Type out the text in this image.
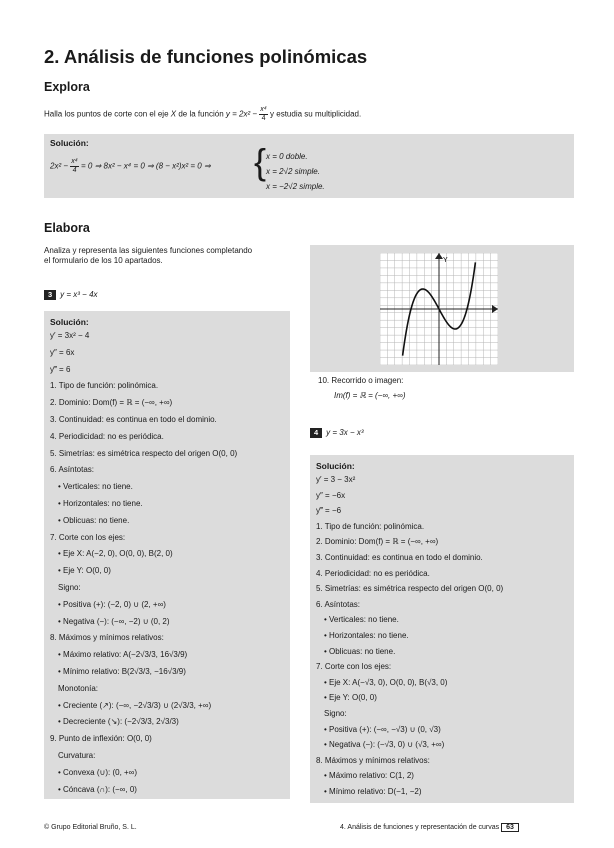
2. Análisis de funciones polinómicas
Explora
Halla los puntos de corte con el eje X de la función $y = 2x^2 - \frac{\text{x⁴}}{4}$ y estudia su multiplicidad.
Solución:
$2x^2 - \frac{\text{x⁴}}{4} = 0$ ⇒ 8x² − x⁴ = 0 ⇒ (8 − x²)x² = 0 ⇒ { x = 0 doble.
x = 2√2 simple.
x = −2√2 simple.
Elabora
Analiza y representa las siguientes funciones completando
el formulario de los 10 apartados.
3 y = x³ − 4x
Solución:
y′ = 3x² − 4
y″ = 6x
y‴ = 6
1. Tipo de función: polinómica.
2. Dominio: Dom(f) = ℝ = (−∞, +∞)
3. Continuidad: es continua en todo el dominio.
4. Periodicidad: no es periódica.
5. Simetrías: es simétrica respecto del origen O(0, 0)
6. Asíntotas:
• Verticales: no tiene.
• Horizontales: no tiene.
• Oblicuas: no tiene.
7. Corte con los ejes:
• Eje X: A(−2, 0), O(0, 0), B(2, 0)
• Eje Y: O(0, 0)
Signo:
• Positiva (+): (−2, 0) ∪ (2, +∞)
• Negativa (−): (−∞, −2) ∪ (0, 2)
8. Máximos y mínimos relativos:
• Máximo relativo: A(−2√3/3, 16√3/9)
• Mínimo relativo: B(2√3/3, −16√3/9)
Monotonía:
• Creciente (↗): (−∞, −2√3/3) ∪ (2√3/3, +∞)
• Decreciente (↘): (−2√3/3, 2√3/3)
9. Punto de inflexión: O(0, 0)
Curvatura:
• Convexa (∪): (0, +∞)
• Cóncava (∩): (−∞, 0)
Y
10. Recorrido o imagen:
Im(f) = ℝ = (−∞, +∞)
4 y = 3x − x³
Solución:
y′ = 3 − 3x²
y″ = −6x
y‴ = −6
1. Tipo de función: polinómica.
2. Dominio: Dom(f) = ℝ = (−∞, +∞)
3. Continuidad: es continua en todo el dominio.
4. Periodicidad: no es periódica.
5. Simetrías: es simétrica respecto del origen O(0, 0)
6. Asíntotas:
• Verticales: no tiene.
• Horizontales: no tiene.
• Oblicuas: no tiene.
7. Corte con los ejes:
• Eje X: A(−√3, 0), O(0, 0), B(√3, 0)
• Eje Y: O(0, 0)
Signo:
• Positiva (+): (−∞, −√3) ∪ (0, √3)
• Negativa (−): (−√3, 0) ∪ (√3, +∞)
8. Máximos y mínimos relativos:
• Máximo relativo: C(1, 2)
• Mínimo relativo: D(−1, −2)
© Grupo Editorial Bruño, S. L.	4. Análisis de funciones y representación de curvas 63
